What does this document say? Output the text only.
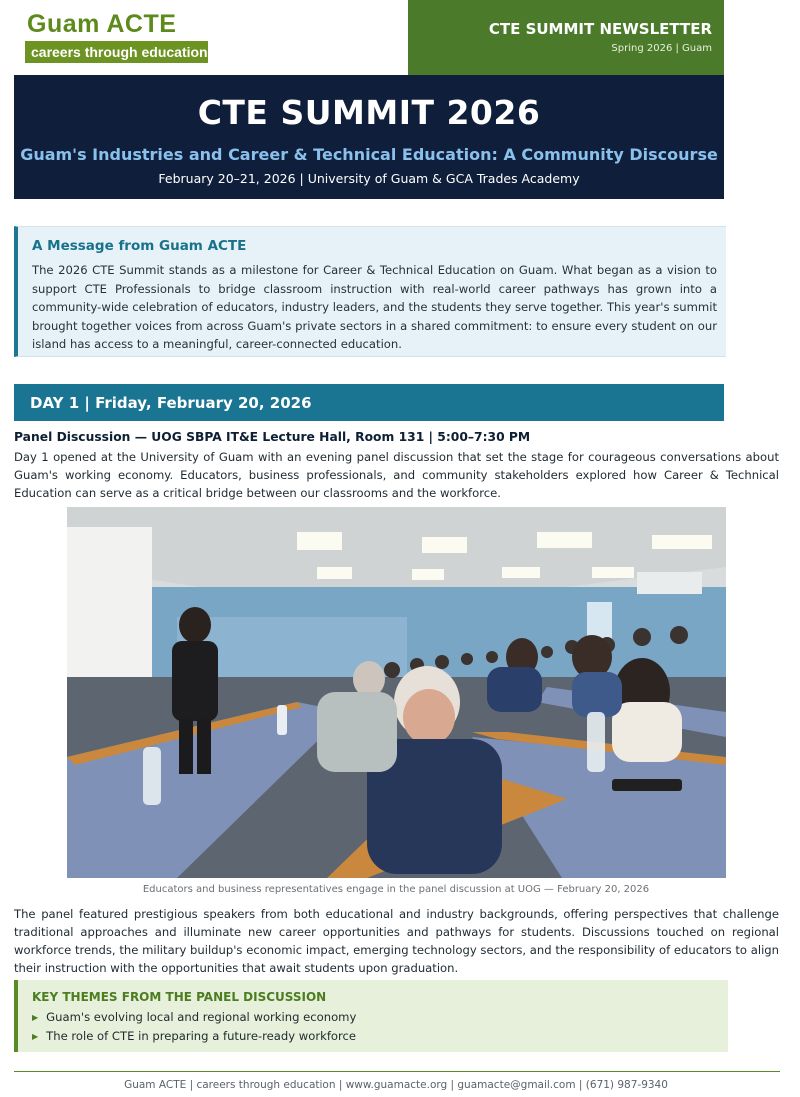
Guam ACTE
careers through education
CTE SUMMIT NEWSLETTER
Spring 2026 | Guam
CTE SUMMIT 2026
Guam's Industries and Career & Technical Education: A Community Discourse
February 20–21, 2026 | University of Guam & GCA Trades Academy
A Message from Guam ACTE
The 2026 CTE Summit stands as a milestone for Career & Technical Education on Guam. What began as a vision to support CTE Professionals to bridge classroom instruction with real-world career pathways has grown into a community-wide celebration of educators, industry leaders, and the students they serve together. This year's summit brought together voices from across Guam's private sectors in a shared commitment: to ensure every student on our island has access to a meaningful, career-connected education.
DAY 1 | Friday, February 20, 2026
Panel Discussion — UOG SBPA IT&E Lecture Hall, Room 131 | 5:00–7:30 PM
Day 1 opened at the University of Guam with an evening panel discussion that set the stage for courageous conversations about Guam's working economy. Educators, business professionals, and community stakeholders explored how Career & Technical Education can serve as a critical bridge between our classrooms and the workforce.
Educators and business representatives engage in the panel discussion at UOG — February 20, 2026
The panel featured prestigious speakers from both educational and industry backgrounds, offering perspectives that challenge traditional approaches and illuminate new career opportunities and pathways for students. Discussions touched on regional workforce trends, the military buildup's economic impact, emerging technology sectors, and the responsibility of educators to align their instruction with the opportunities that await students upon graduation.
KEY THEMES FROM THE PANEL DISCUSSION
▶ Guam's evolving local and regional working economy
▶ The role of CTE in preparing a future-ready workforce
Guam ACTE | careers through education | www.guamacte.org | guamacte@gmail.com | (671) 987-9340
